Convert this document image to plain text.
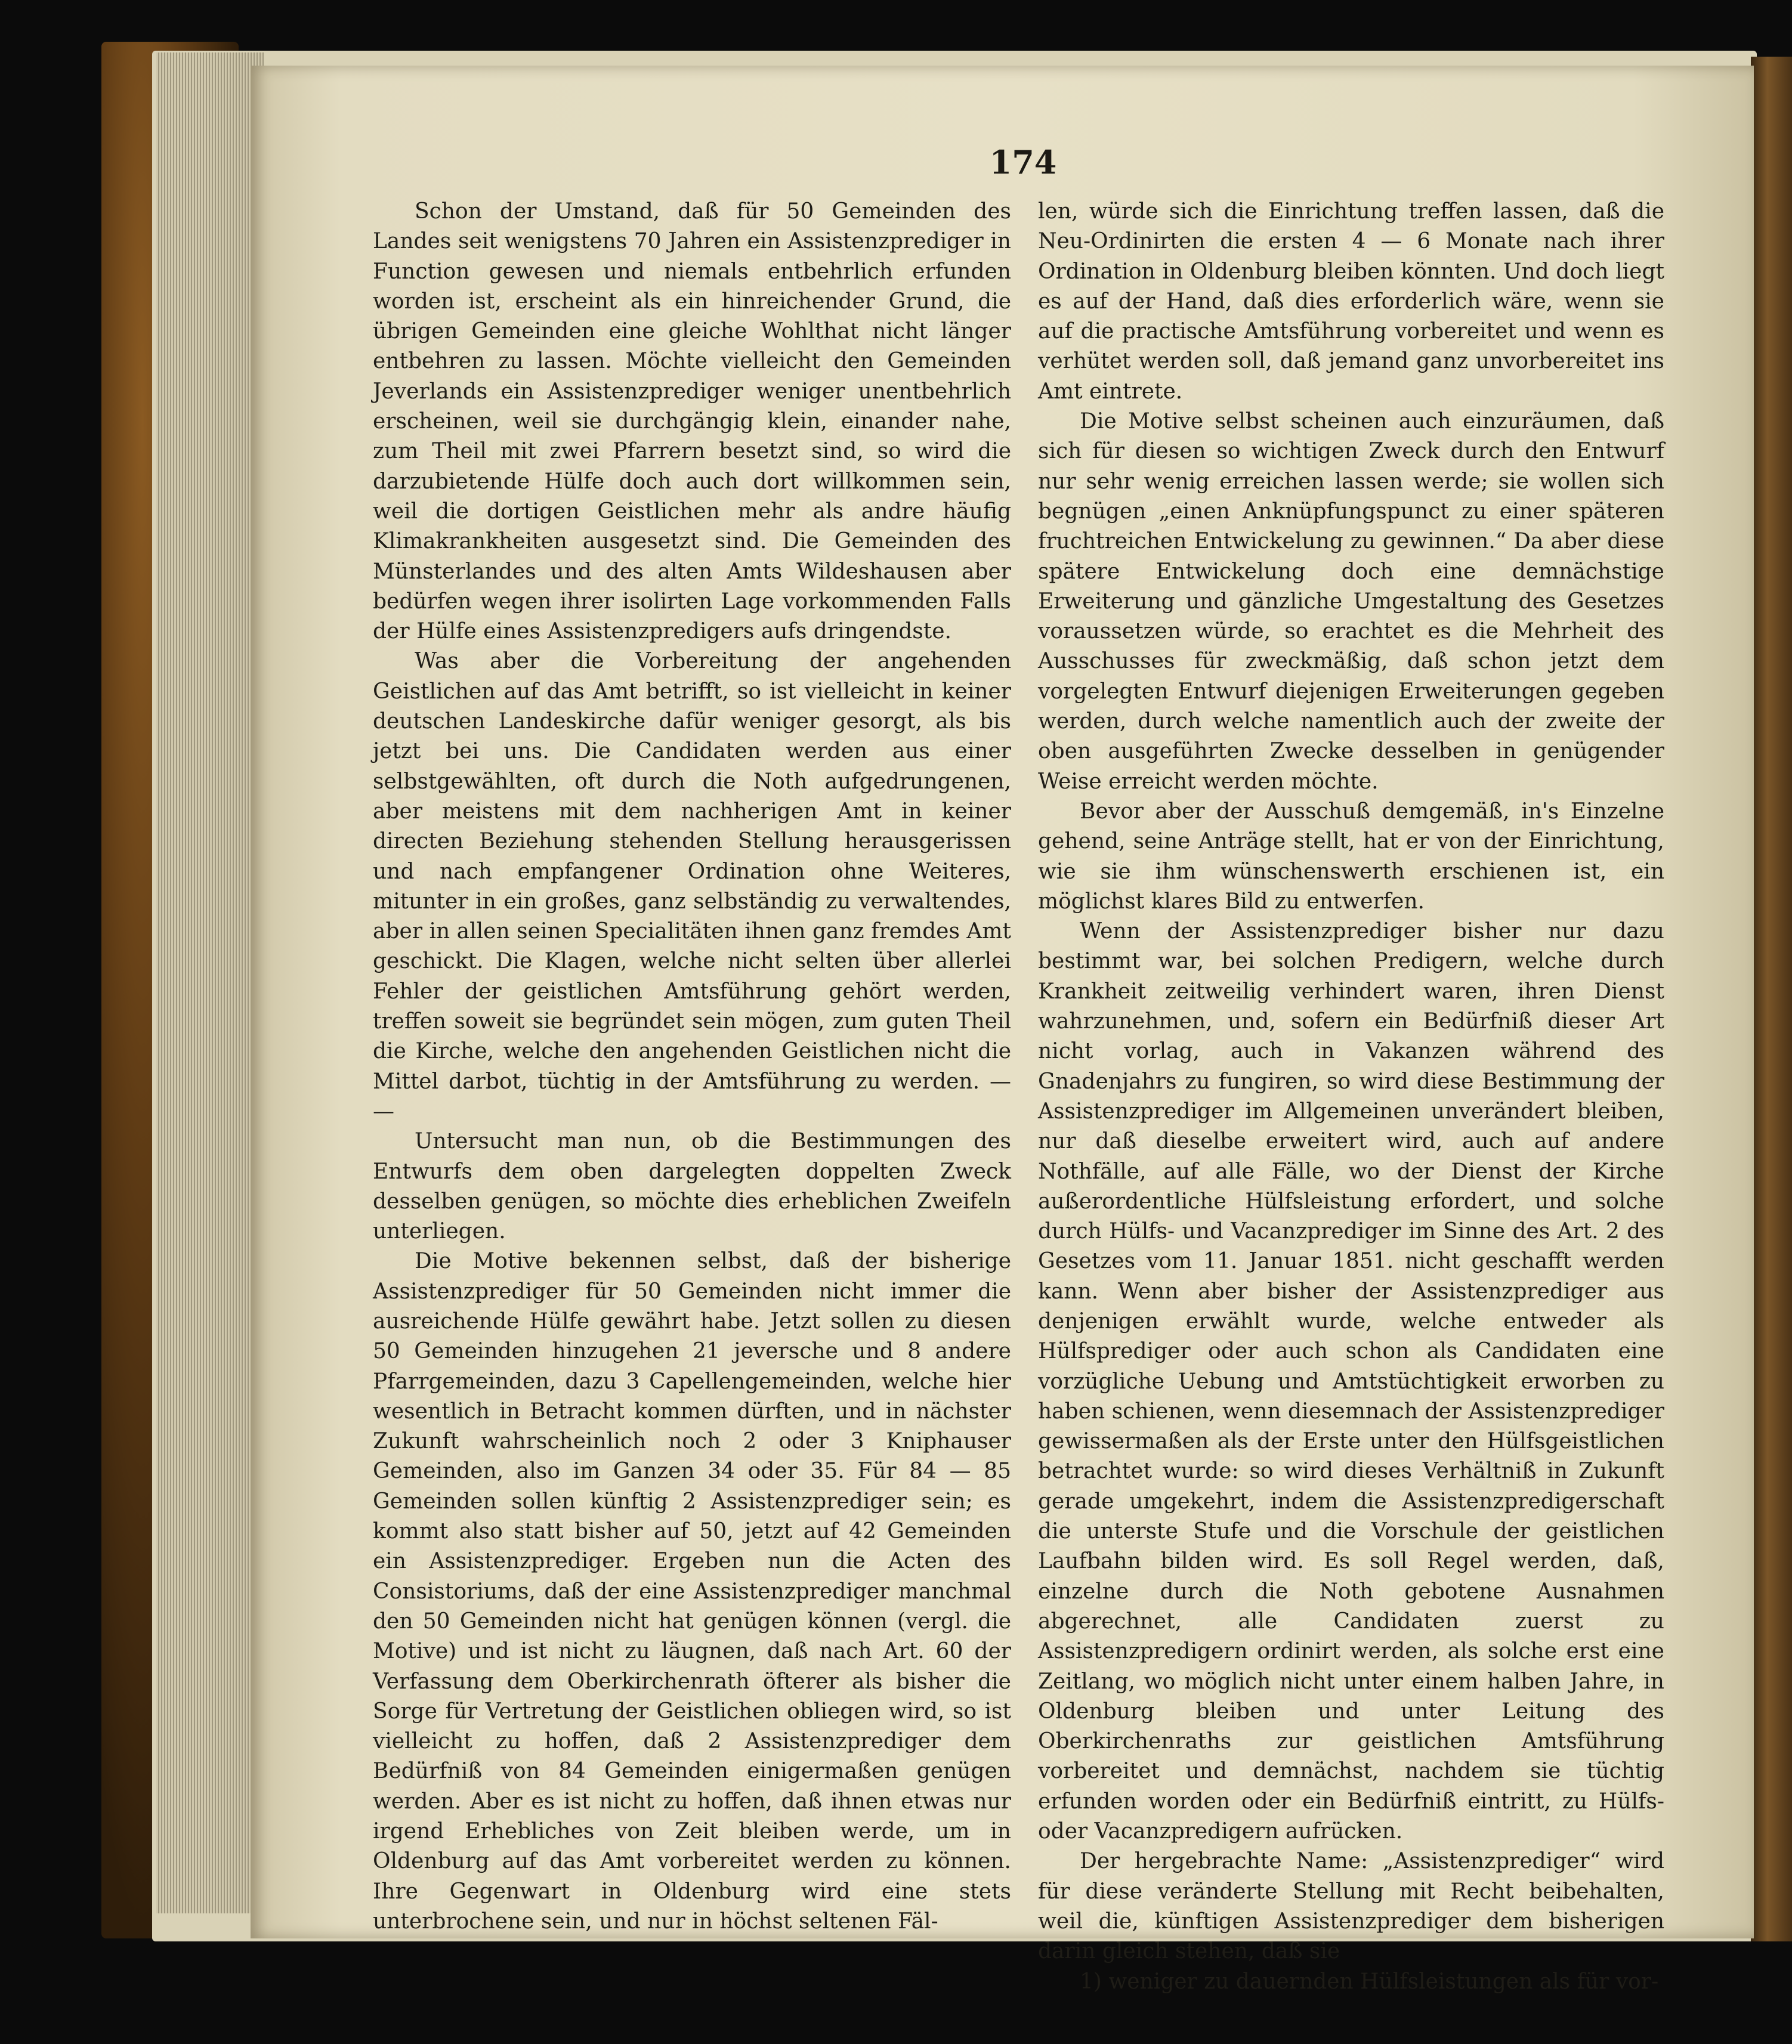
174

Schon der Umstand, daß für 50 Gemeinden des Landes seit wenigstens 70 Jahren ein Assistenzprediger in Function gewesen und niemals entbehrlich erfunden worden ist, erscheint als ein hinreichender Grund, die übrigen Gemeinden eine gleiche Wohlthat nicht länger entbehren zu lassen. Möchte vielleicht den Gemeinden Jeverlands ein Assistenzprediger weniger unentbehrlich erscheinen, weil sie durchgängig klein, einander nahe, zum Theil mit zwei Pfarrern besetzt sind, so wird die darzubietende Hülfe doch auch dort willkommen sein, weil die dortigen Geistlichen mehr als andre häufig Klimakrankheiten ausgesetzt sind. Die Gemeinden des Münsterlandes und des alten Amts Wildeshausen aber bedürfen wegen ihrer isolirten Lage vorkommenden Falls der Hülfe eines Assistenzpredigers aufs dringendste.

Was aber die Vorbereitung der angehenden Geistlichen auf das Amt betrifft, so ist vielleicht in keiner deutschen Landeskirche dafür weniger gesorgt, als bis jetzt bei uns. Die Candidaten werden aus einer selbstgewählten, oft durch die Noth aufgedrungenen, aber meistens mit dem nachherigen Amt in keiner directen Beziehung stehenden Stellung herausgerissen und nach empfangener Ordination ohne Weiteres, mitunter in ein großes, ganz selbständig zu verwaltendes, aber in allen seinen Specialitäten ihnen ganz fremdes Amt geschickt. Die Klagen, welche nicht selten über allerlei Fehler der geistlichen Amtsführung gehört werden, treffen soweit sie begründet sein mögen, zum guten Theil die Kirche, welche den angehenden Geistlichen nicht die Mittel darbot, tüchtig in der Amtsführung zu werden. — —

Untersucht man nun, ob die Bestimmungen des Entwurfs dem oben dargelegten doppelten Zweck desselben genügen, so möchte dies erheblichen Zweifeln unterliegen.

Die Motive bekennen selbst, daß der bisherige Assistenzprediger für 50 Gemeinden nicht immer die ausreichende Hülfe gewährt habe. Jetzt sollen zu diesen 50 Gemeinden hinzugehen 21 jeversche und 8 andere Pfarrgemeinden, dazu 3 Capellengemeinden, welche hier wesentlich in Betracht kommen dürften, und in nächster Zukunft wahrscheinlich noch 2 oder 3 Kniphauser Gemeinden, also im Ganzen 34 oder 35. Für 84 — 85 Gemeinden sollen künftig 2 Assistenzprediger sein; es kommt also statt bisher auf 50, jetzt auf 42 Gemeinden ein Assistenzprediger. Ergeben nun die Acten des Consistoriums, daß der eine Assistenzprediger manchmal den 50 Gemeinden nicht hat genügen können (vergl. die Motive) und ist nicht zu läugnen, daß nach Art. 60 der Verfassung dem Oberkirchenrath öfterer als bisher die Sorge für Vertretung der Geistlichen obliegen wird, so ist vielleicht zu hoffen, daß 2 Assistenzprediger dem Bedürfniß von 84 Gemeinden einigermaßen genügen werden. Aber es ist nicht zu hoffen, daß ihnen etwas nur irgend Erhebliches von Zeit bleiben werde, um in Oldenburg auf das Amt vorbereitet werden zu können. Ihre Gegenwart in Oldenburg wird eine stets unterbrochene sein, und nur in höchst seltenen Fäl-

len, würde sich die Einrichtung treffen lassen, daß die Neu-Ordinirten die ersten 4 — 6 Monate nach ihrer Ordination in Oldenburg bleiben könnten. Und doch liegt es auf der Hand, daß dies erforderlich wäre, wenn sie auf die practische Amtsführung vorbereitet und wenn es verhütet werden soll, daß jemand ganz unvorbereitet ins Amt eintrete.

Die Motive selbst scheinen auch einzuräumen, daß sich für diesen so wichtigen Zweck durch den Entwurf nur sehr wenig erreichen lassen werde; sie wollen sich begnügen „einen Anknüpfungspunct zu einer späteren fruchtreichen Entwickelung zu gewinnen.“ Da aber diese spätere Entwickelung doch eine demnächstige Erweiterung und gänzliche Umgestaltung des Gesetzes voraussetzen würde, so erachtet es die Mehrheit des Ausschusses für zweckmäßig, daß schon jetzt dem vorgelegten Entwurf diejenigen Erweiterungen gegeben werden, durch welche namentlich auch der zweite der oben ausgeführten Zwecke desselben in genügender Weise erreicht werden möchte.

Bevor aber der Ausschuß demgemäß, in's Einzelne gehend, seine Anträge stellt, hat er von der Einrichtung, wie sie ihm wünschenswerth erschienen ist, ein möglichst klares Bild zu entwerfen.

Wenn der Assistenzprediger bisher nur dazu bestimmt war, bei solchen Predigern, welche durch Krankheit zeitweilig verhindert waren, ihren Dienst wahrzunehmen, und, sofern ein Bedürfniß dieser Art nicht vorlag, auch in Vakanzen während des Gnadenjahrs zu fungiren, so wird diese Bestimmung der Assistenzprediger im Allgemeinen unverändert bleiben, nur daß dieselbe erweitert wird, auch auf andere Nothfälle, auf alle Fälle, wo der Dienst der Kirche außerordentliche Hülfsleistung erfordert, und solche durch Hülfs- und Vacanzprediger im Sinne des Art. 2 des Gesetzes vom 11. Januar 1851. nicht geschafft werden kann. Wenn aber bisher der Assistenzprediger aus denjenigen erwählt wurde, welche entweder als Hülfsprediger oder auch schon als Candidaten eine vorzügliche Uebung und Amtstüchtigkeit erworben zu haben schienen, wenn diesemnach der Assistenzprediger gewissermaßen als der Erste unter den Hülfsgeistlichen betrachtet wurde: so wird dieses Verhältniß in Zukunft gerade umgekehrt, indem die Assistenzpredigerschaft die unterste Stufe und die Vorschule der geistlichen Laufbahn bilden wird. Es soll Regel werden, daß, einzelne durch die Noth gebotene Ausnahmen abgerechnet, alle Candidaten zuerst zu Assistenzpredigern ordinirt werden, als solche erst eine Zeitlang, wo möglich nicht unter einem halben Jahre, in Oldenburg bleiben und unter Leitung des Oberkirchenraths zur geistlichen Amtsführung vorbereitet und demnächst, nachdem sie tüchtig erfunden worden oder ein Bedürfniß eintritt, zu Hülfs- oder Vacanzpredigern aufrücken.

Der hergebrachte Name: „Assistenzprediger“ wird für diese veränderte Stellung mit Recht beibehalten, weil die, künftigen Assistenzprediger dem bisherigen darin gleich stehen, daß sie

1) weniger zu dauernden Hülfsleistungen als für vor-
